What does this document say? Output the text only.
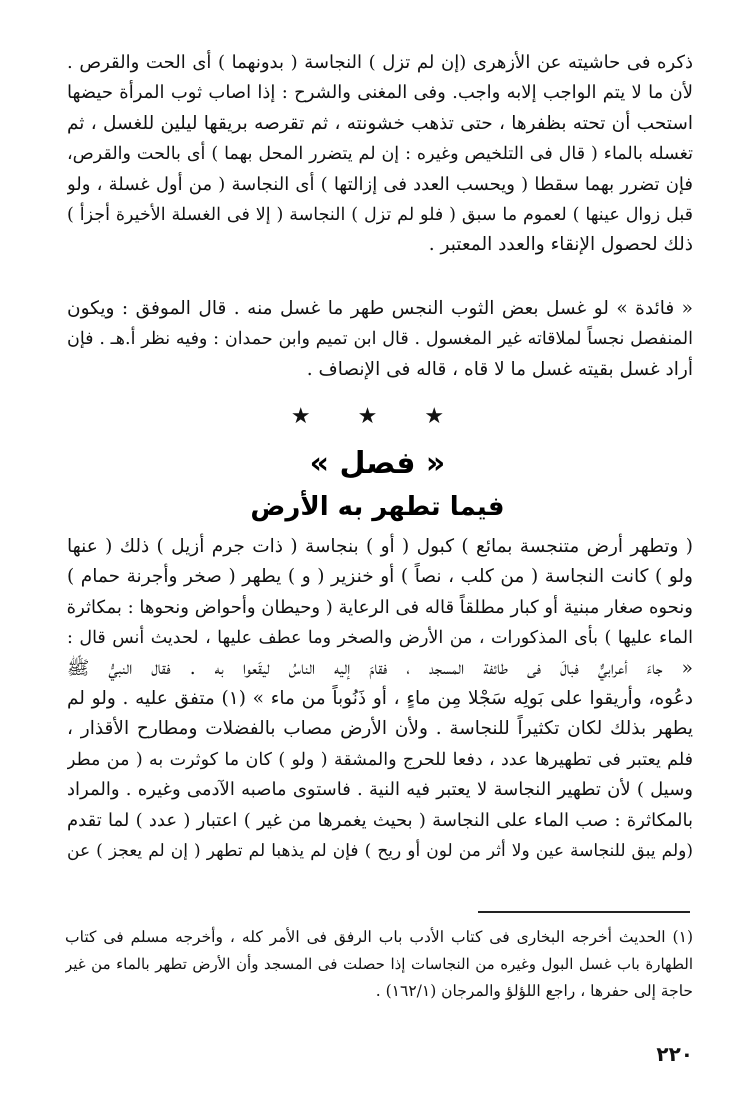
ذكره فى حاشيته عن الأزهرى (إن لم تزل ) النجاسة ( بدونهما ) أى الحت والقرص .
لأن ما لا يتم الواجب إلابه واجب. وفى المغنى والشرح : إذا اصاب ثوب المرأة حيضها
استحب أن تحته بظفرها ، حتى تذهب خشونته ، ثم تقرصه بريقها ليلين للغسل ، ثم
تغسله بالماء ( قال فى التلخيص وغيره : إن لم يتضرر المحل بهما ) أى بالحت والقرص،
فإن تضرر بهما سقطا ( ويحسب العدد فى إزالتها ) أى النجاسة ( من أول غسلة ، ولو
قبل زوال عينها ) لعموم ما سبق ( فلو لم تزل ) النجاسة ( إلا فى الغسلة الأخيرة أجزأ )
ذلك لحصول الإنقاء والعدد المعتبر .
« فائدة » لو غسل بعض الثوب النجس طهر ما غسل منه . قال الموفق : ويكون
المنفصل نجساً لملاقاته غير المغسول . قال ابن تميم وابن حمدان : وفيه نظر أ.هـ . فإن
أراد غسل بقيته غسل ما لا قاه ، قاله فى الإنصاف .
★ ★ ★
« فصل »
فيما تطهر به الأرض
( وتطهر أرض متنجسة بمائع ) كبول ( أو ) بنجاسة ( ذات جرم أزيل ) ذلك ( عنها
ولو ) كانت النجاسة ( من كلب ، نصاً ) أو خنزير ( و ) يطهر ( صخر وأجرنة حمام )
ونحوه صغار مبنية أو كبار مطلقاً قاله فى الرعاية ( وحيطان وأحواض ونحوها : بمكاثرة
الماء عليها ) بأى المذكورات ، من الأرض والصخر وما عطف عليها ، لحديث أنس قال :
« جاءَ أعرابيٌّ فبالَ فى طائفة المسجد ، فقامَ إليه الناسُ ليقَعوا به . فقال النبيُّ ﷺ
دعُوه، وأريقوا على بَولِه سَجْلا مِن ماءٍ ، أو ذَنُوباً من ماء » (١) متفق عليه . ولو لم
يطهر بذلك لكان تكثيراً للنجاسة . ولأن الأرض مصاب بالفضلات ومطارح الأقذار ،
فلم يعتبر فى تطهيرها عدد ، دفعا للحرج والمشقة ( ولو ) كان ما كوثرت به ( من مطر
وسيل ) لأن تطهير النجاسة لا يعتبر فيه النية . فاستوى ماصبه الآدمى وغيره . والمراد
بالمكاثرة : صب الماء على النجاسة ( بحيث يغمرها من غير ) اعتبار ( عدد ) لما تقدم
(ولم يبق للنجاسة عين ولا أثر من لون أو ريح ) فإن لم يذهبا لم تطهر ( إن لم يعجز ) عن
(١) الحديث أخرجه البخارى فى كتاب الأدب باب الرفق فى الأمر كله ، وأخرجه مسلم فى كتاب
الطهارة باب غسل البول وغيره من النجاسات إذا حصلت فى المسجد وأن الأرض تطهر بالماء من غير
حاجة إلى حفرها ، راجع اللؤلؤ والمرجان (١٦٢/١) .
٢٢٠
